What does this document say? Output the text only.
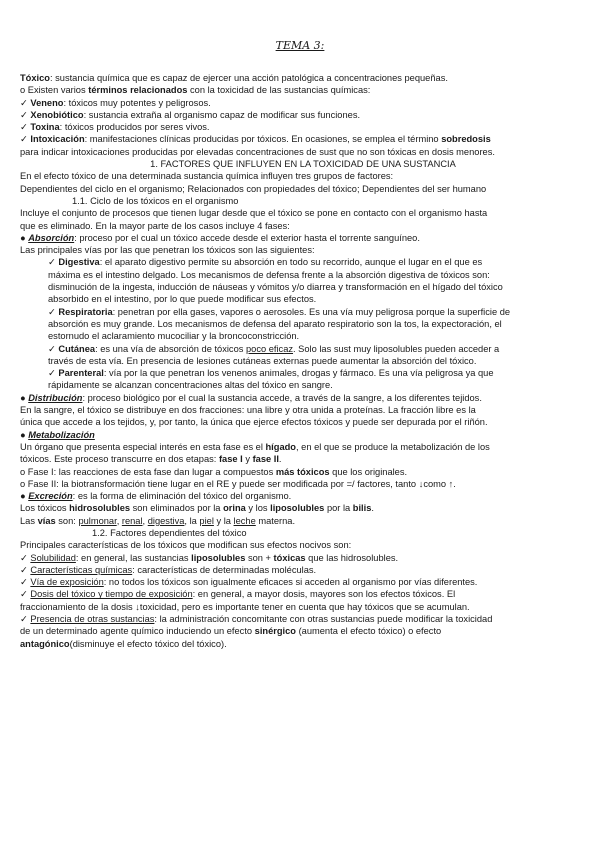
TEMA 3:

Tóxico: sustancia química que es capaz de ejercer una acción patológica a concentraciones pequeñas.

o Existen varios términos relacionados con la toxicidad de las sustancias químicas:

✓ Veneno: tóxicos muy potentes y peligrosos.

✓ Xenobiótico: sustancia extraña al organismo capaz de modificar sus funciones.

✓ Toxina: tóxicos producidos por seres vivos.

✓ Intoxicación: manifestaciones clínicas producidas por tóxicos. En ocasiones, se emplea el término sobredosis

para indicar intoxicaciones producidas por elevadas concentraciones de sust que no son tóxicas en dosis menores.

1. FACTORES QUE INFLUYEN EN LA TOXICIDAD DE UNA SUSTANCIA

En el efecto tóxico de una determinada sustancia química influyen tres grupos de factores:

Dependientes del ciclo en el organismo; Relacionados con propiedades del tóxico; Dependientes del ser humano

1.1. Ciclo de los tóxicos en el organismo

Incluye el conjunto de procesos que tienen lugar desde que el tóxico se pone en contacto con el organismo hasta

que es eliminado. En la mayor parte de los casos incluye 4 fases:

● Absorción: proceso por el cual un tóxico accede desde el exterior hasta el torrente sanguíneo.

Las principales vías por las que penetran los tóxicos son las siguientes:

✓ Digestiva: el aparato digestivo permite su absorción en todo su recorrido, aunque el lugar en el que es

máxima es el intestino delgado. Los mecanismos de defensa frente a la absorción digestiva de tóxicos son:

disminución de la ingesta, inducción de náuseas y vómitos y/o diarrea y transformación en el hígado del tóxico

absorbido en el intestino, por lo que puede modificar sus efectos.

✓ Respiratoria: penetran por ella gases, vapores o aerosoles. Es una vía muy peligrosa porque la superficie de

absorción es muy grande. Los mecanismos de defensa del aparato respiratorio son la tos, la expectoración, el

estornudo el aclaramiento mucociliar y la broncoconstricción.

✓ Cutánea: es una vía de absorción de tóxicos poco eficaz. Solo las sust muy liposolubles pueden acceder a

través de esta vía. En presencia de lesiones cutáneas externas puede aumentar la absorción del tóxico.

✓ Parenteral: vía por la que penetran los venenos animales, drogas y fármaco. Es una vía peligrosa ya que

rápidamente se alcanzan concentraciones altas del tóxico en sangre.

● Distribución: proceso biológico por el cual la sustancia accede, a través de la sangre, a los diferentes tejidos.

En la sangre, el tóxico se distribuye en dos fracciones: una libre y otra unida a proteínas. La fracción libre es la

única que accede a los tejidos, y, por tanto, la única que ejerce efectos tóxicos y puede ser depurada por el riñón.

● Metabolización

Un órgano que presenta especial interés en esta fase es el hígado, en el que se produce la metabolización de los

tóxicos. Este proceso transcurre en dos etapas: fase I y fase II.

o Fase I: las reacciones de esta fase dan lugar a compuestos más tóxicos que los originales.

o Fase II: la biotransformación tiene lugar en el RE y puede ser modificada por =/ factores, tanto ↓como ↑.

● Excreción: es la forma de eliminación del tóxico del organismo.

Los tóxicos hidrosolubles son eliminados por la orina y los liposolubles por la bilis.

Las vías son: pulmonar, renal, digestiva, la piel y la leche materna.

1.2. Factores dependientes del tóxico

Principales características de los tóxicos que modifican sus efectos nocivos son:

✓ Solubilidad: en general, las sustancias liposolubles son + tóxicas que las hidrosolubles.

✓ Características químicas: características de determinadas moléculas.

✓ Vía de exposición: no todos los tóxicos son igualmente eficaces si acceden al organismo por vías diferentes.

✓ Dosis del tóxico y tiempo de exposición: en general, a mayor dosis, mayores son los efectos tóxicos. El

fraccionamiento de la dosis ↓toxicidad, pero es importante tener en cuenta que hay tóxicos que se acumulan.

✓ Presencia de otras sustancias: la administración concomitante con otras sustancias puede modificar la toxicidad

de un determinado agente químico induciendo un efecto sinérgico (aumenta el efecto tóxico) o efecto

antagónico(disminuye el efecto tóxico del tóxico).
